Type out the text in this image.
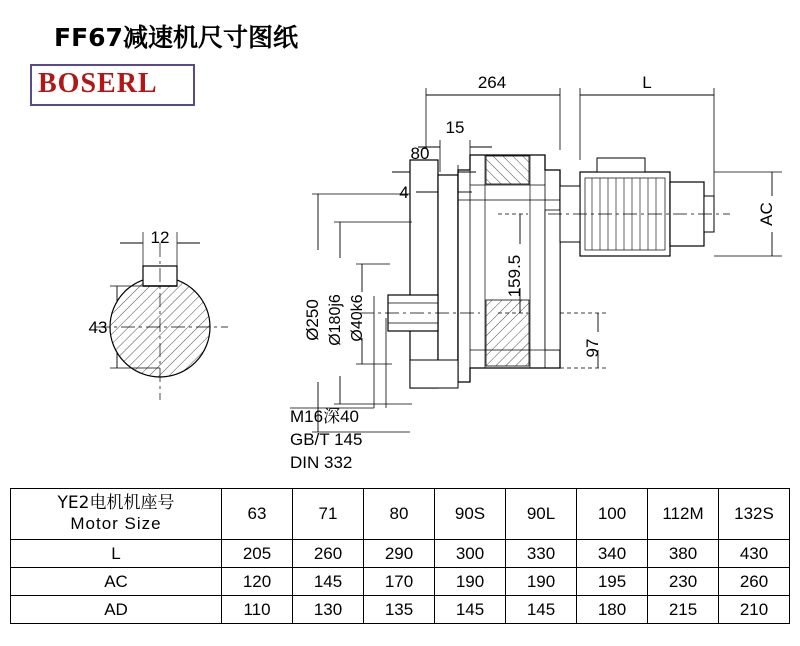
FF67减速机尺寸图纸
BOSERL	264	L
15
80
4
12
43
97
159.5
AC
Ø250 Ø180j6 Ø40k6
M16深40
GB/T 145
DIN 332
YE2电机机座号
Motor Size	63	71	80	90S	90L	100	112M	132S
L	205	260	290	300	330	340	380	430
AC	120	145	170	190	190	195	230	260
AD	110	130	135	145	145	180	215	210
